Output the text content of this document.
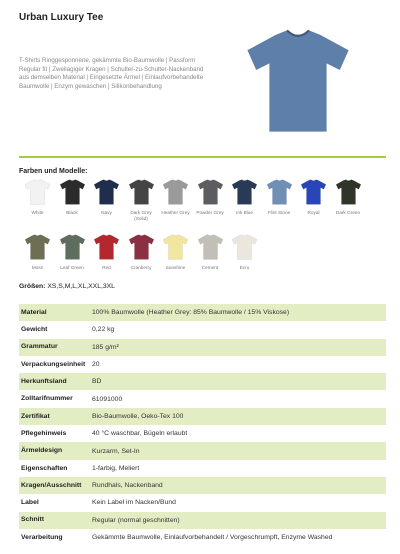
Urban Luxury Tee
T-Shirts Ringgesponnene, gekämmte Bio-Baumwolle | Passform Regular fit | Zweilagiger Kragen | Schulter-zu-Schulter-Nackenband aus demselben Material | Eingesetzte Ärmel | Einlaufvorbehandelte Baumwolle | Enzym gewaschen | Silikonbehandlung
Farben und Modelle:
White	Black	Navy	Dark Grey
(Solid)
Heather Grey	Powder Grey	Ink Blue	Flint Stone	Royal	Dark Green
Moss	Leaf Green	Red	Cranberry	Sunshine	Cement	Ecru
Größen: XS,S,M,L,XL,XXL,3XL
Material	100% Baumwolle (Heather Grey: 85% Baumwolle / 15% Viskose)
Gewicht	0,22 kg
Grammatur	185 g/m²
Verpackungseinheit	20
Herkunftsland	BD
Zolltarifnummer	61091000
Zertifikat	Bio-Baumwolle, Oeko-Tex 100
Pflegehinweis	40 °C waschbar, Bügeln erlaubt
Ärmeldesign	Kurzarm, Set-In
Eigenschaften	1-farbig, Meliert
Kragen/Ausschnitt	Rundhals, Nackenband
Label	Kein Label im Nacken/Bund
Schnitt	Regular (normal geschnitten)
Verarbeitung	Gekämmte Baumwolle, Einlaufvorbehandelt / Vorgeschrumpft, Enzyme Washed
